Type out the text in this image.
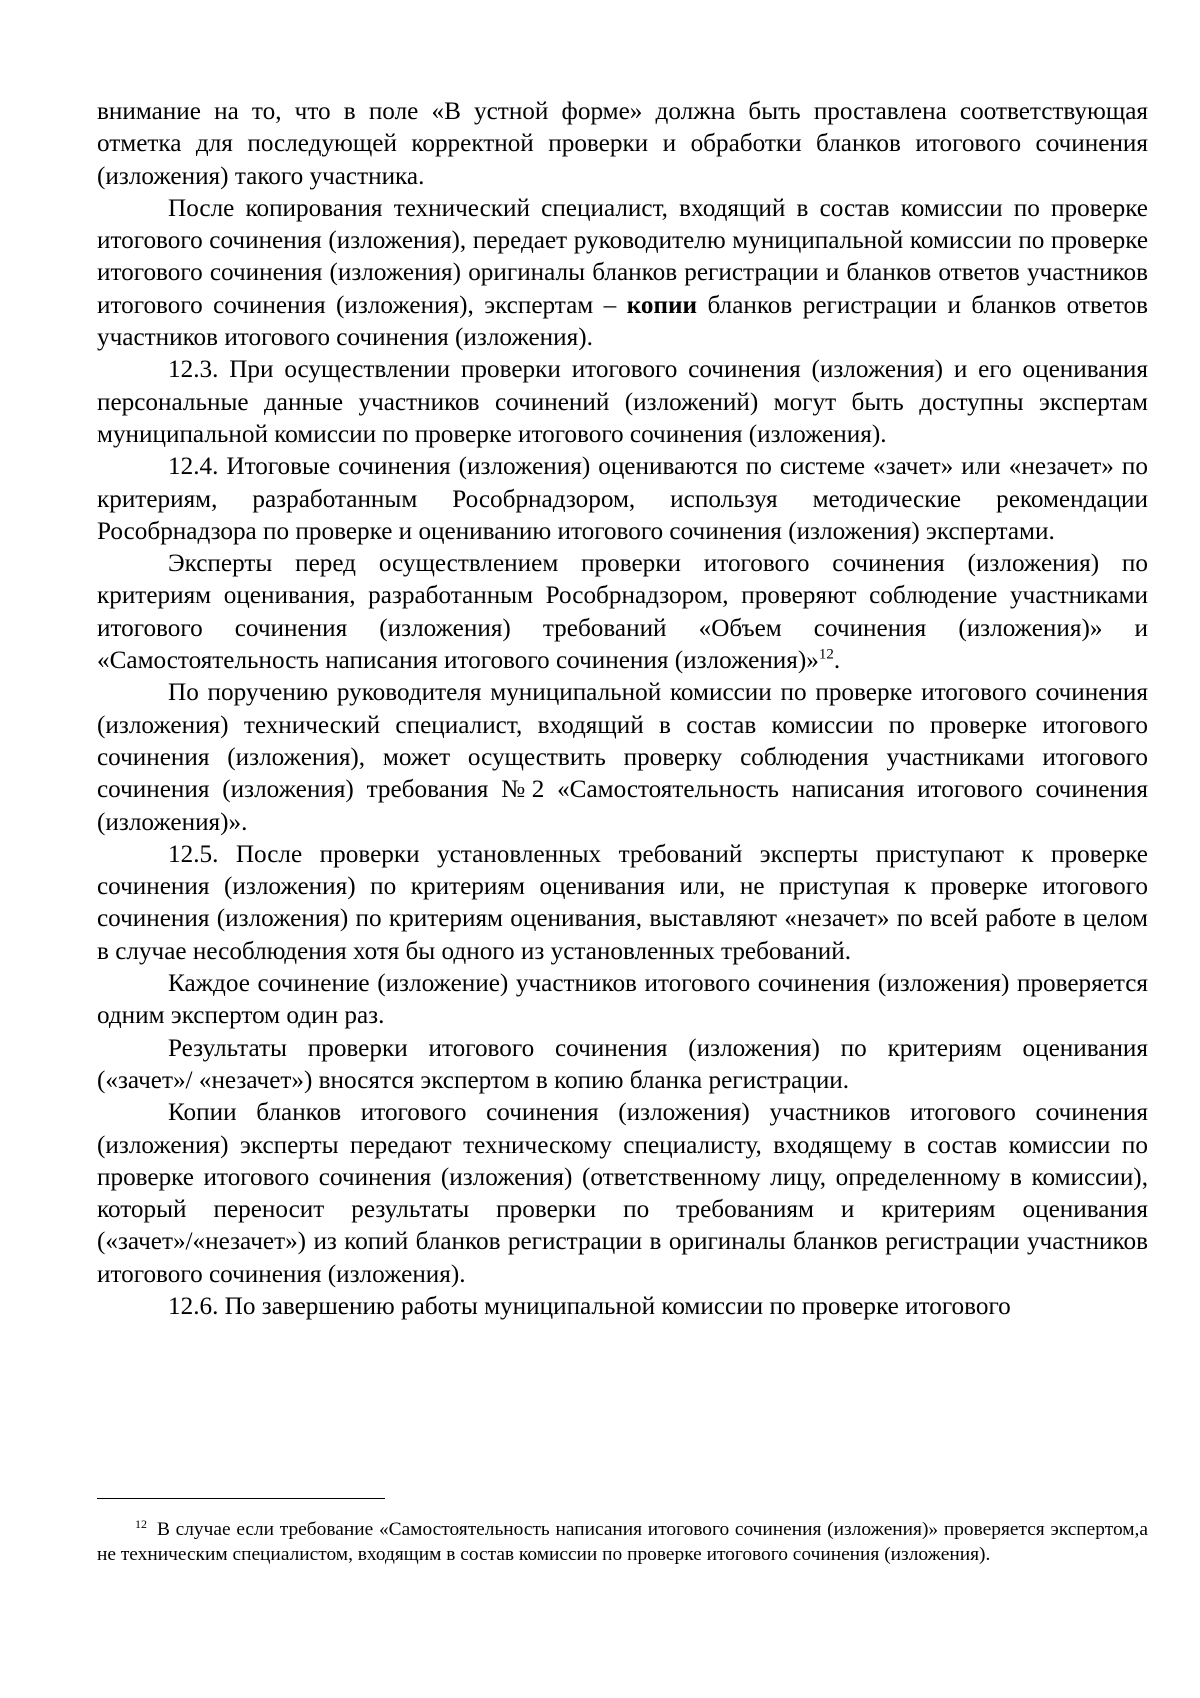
внимание на то, что в поле «В устной форме» должна быть проставлена соответствующая отметка для последующей корректной проверки и обработки бланков итогового сочинения (изложения) такого участника.

После копирования технический специалист, входящий в состав комиссии по проверке итогового сочинения (изложения), передает руководителю муниципальной комиссии по проверке итогового сочинения (изложения) оригиналы бланков регистрации и бланков ответов участников итогового сочинения (изложения), экспертам – копии бланков регистрации и бланков ответов участников итогового сочинения (изложения).

12.3. При осуществлении проверки итогового сочинения (изложения) и его оценивания персональные данные участников сочинений (изложений) могут быть доступны экспертам муниципальной комиссии по проверке итогового сочинения (изложения).

12.4. Итоговые сочинения (изложения) оцениваются по системе «зачет» или «незачет» по критериям, разработанным Рособрнадзором, используя методические рекомендации Рособрнадзора по проверке и оцениванию итогового сочинения (изложения) экспертами.

Эксперты перед осуществлением проверки итогового сочинения (изложения) по критериям оценивания, разработанным Рособрнадзором, проверяют соблюдение участниками итогового сочинения (изложения) требований «Объем сочинения (изложения)» и «Самостоятельность написания итогового сочинения (изложения)»$^{12}$.

По поручению руководителя муниципальной комиссии по проверке итогового сочинения (изложения) технический специалист, входящий в состав комиссии по проверке итогового сочинения (изложения), может осуществить проверку соблюдения участниками итогового сочинения (изложения) требования №2 «Самостоятельность написания итогового сочинения (изложения)».

12.5. После проверки установленных требований эксперты приступают к проверке сочинения (изложения) по критериям оценивания или, не приступая к проверке итогового сочинения (изложения) по критериям оценивания, выставляют «незачет» по всей работе в целом в случае несоблюдения хотя бы одного из установленных требований.

Каждое сочинение (изложение) участников итогового сочинения (изложения) проверяется одним экспертом один раз.

Результаты проверки итогового сочинения (изложения) по критериям оценивания («зачет»/ «незачет») вносятся экспертом в копию бланка регистрации.

Копии бланков итогового сочинения (изложения) участников итогового сочинения (изложения) эксперты передают техническому специалисту, входящему в состав комиссии по проверке итогового сочинения (изложения) (ответственному лицу, определенному в комиссии), который переносит результаты проверки по требованиям и критериям оценивания («зачет»/«незачет») из копий бланков регистрации в оригиналы бланков регистрации участников итогового сочинения (изложения).

12.6. По завершению работы муниципальной комиссии по проверке итогового

$^{12}$ В случае если требование «Самостоятельность написания итогового сочинения (изложения)» проверяется экспертом,а не техническим специалистом, входящим в состав комиссии по проверке итогового сочинения (изложения).
